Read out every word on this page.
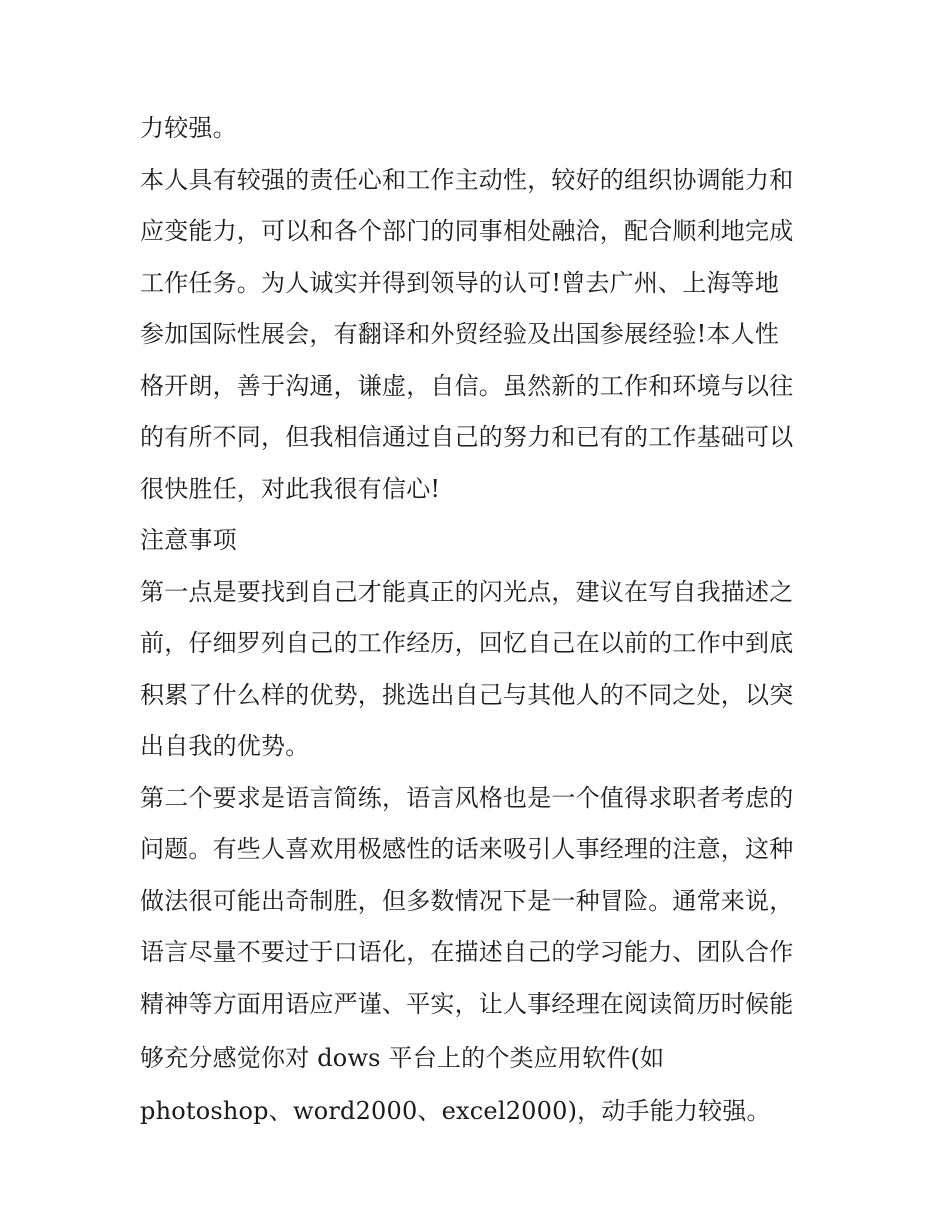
力较强。
本人具有较强的责任心和工作主动性，较好的组织协调能力和
应变能力，可以和各个部门的同事相处融洽，配合顺利地完成
工作任务。为人诚实并得到领导的认可!曾去广州、上海等地
参加国际性展会，有翻译和外贸经验及出国参展经验!本人性
格开朗，善于沟通，谦虚，自信。虽然新的工作和环境与以往
的有所不同，但我相信通过自己的努力和已有的工作基础可以
很快胜任，对此我很有信心!
注意事项
第一点是要找到自己才能真正的闪光点，建议在写自我描述之
前，仔细罗列自己的工作经历，回忆自己在以前的工作中到底
积累了什么样的优势，挑选出自己与其他人的不同之处，以突
出自我的优势。
第二个要求是语言简练，语言风格也是一个值得求职者考虑的
问题。有些人喜欢用极感性的话来吸引人事经理的注意，这种
做法很可能出奇制胜，但多数情况下是一种冒险。通常来说，
语言尽量不要过于口语化，在描述自己的学习能力、团队合作
精神等方面用语应严谨、平实，让人事经理在阅读简历时候能
够充分感觉你对 dows 平台上的个类应用软件(如
photoshop、word2000、excel2000)，动手能力较强。
